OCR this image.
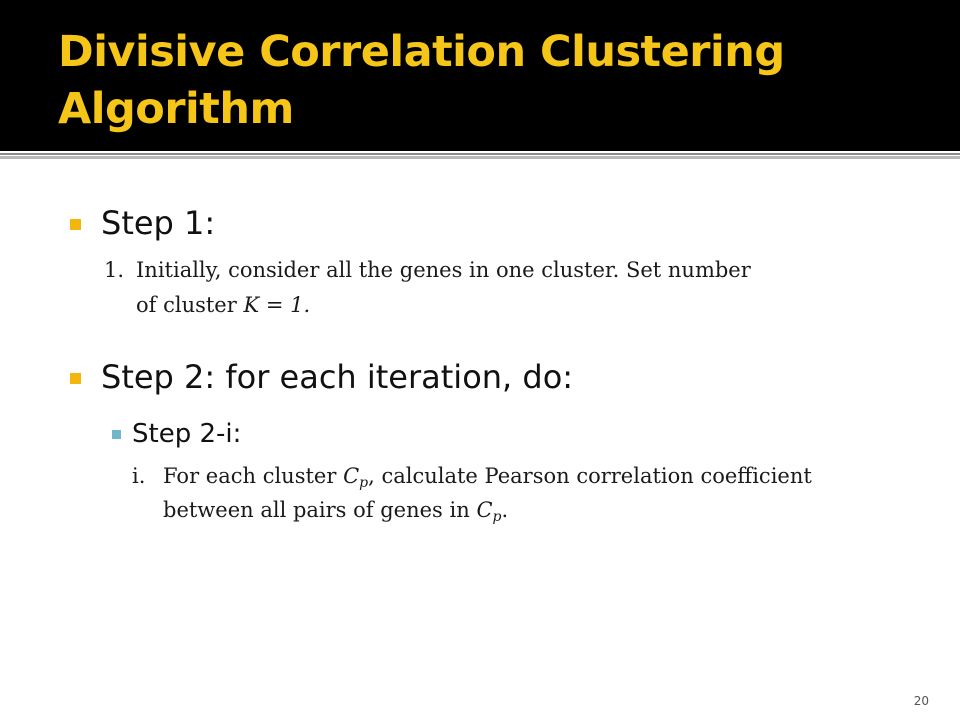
Divisive Correlation Clustering Algorithm
Step 1:
1. Initially, consider all the genes in one cluster. Set number
of cluster K = 1.
Step 2: for each iteration, do:
Step 2-i:
i. For each cluster $C_p$, calculate Pearson correlation coefficient
between all pairs of genes in $C_p$.
20
